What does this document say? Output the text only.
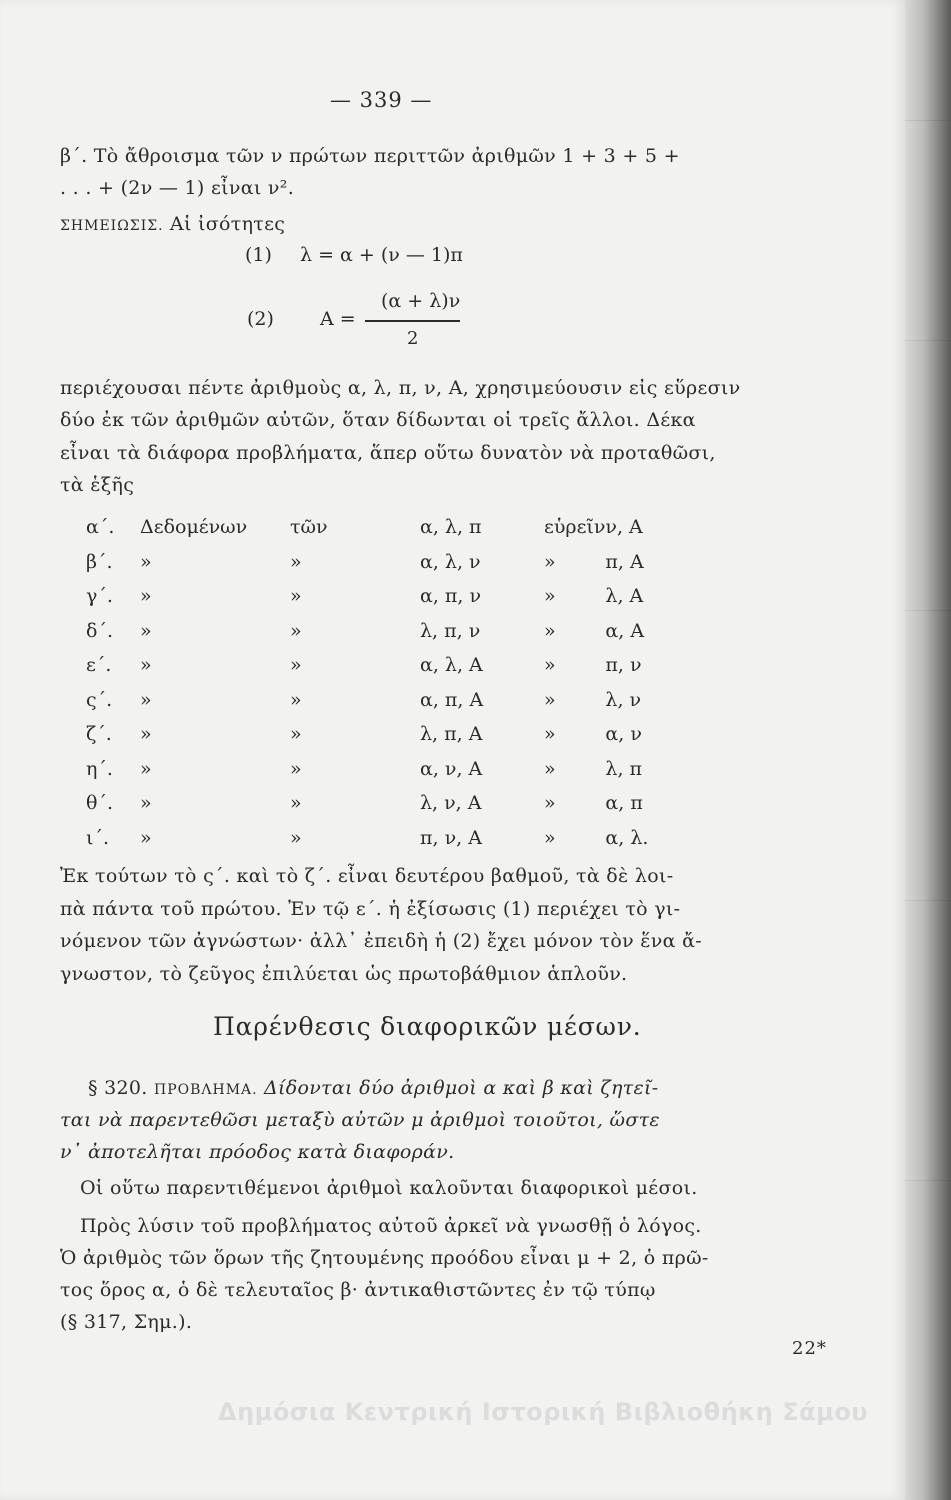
— 339 —
β΄. Τὸ ἄθροισμα τῶν ν πρώτων περιττῶν ἀριθμῶν 1 + 3 + 5 +
. . . + (2ν — 1) εἶναι ν².
ΣΗΜΕΙΩΣΙΣ. Αἱ ἰσότητες
(1) λ = α + (ν — 1)π
(2) Α =
(α + λ)ν
2
περιέχουσαι πέντε ἀριθμοὺς α, λ, π, ν, Α, χρησιμεύουσιν εἰς εὕρεσιν
δύο ἐκ τῶν ἀριθμῶν αὐτῶν, ὅταν δίδωνται οἱ τρεῖς ἄλλοι. Δέκα
εἶναι τὰ διάφορα προβλήματα, ἅπερ οὕτω δυνατὸν νὰ προταθῶσι,
τὰ ἑξῆς
α΄.	Δεδομένων	τῶν	α, λ, π	εὑρεῖν	ν, Α
β΄.	»	»	α, λ, ν	»	π, Α
γ΄.	»	»	α, π, ν	»	λ, Α
δ΄.	»	»	λ, π, ν	»	α, Α
ε΄.	»	»	α, λ, Α	»	π, ν
ς΄.	»	»	α, π, Α	»	λ, ν
ζ΄.	»	»	λ, π, Α	»	α, ν
η΄.	»	»	α, ν, Α	»	λ, π
θ΄.	»	»	λ, ν, Α	»	α, π
ι΄.	»	»	π, ν, Α	»	α, λ.
Ἐκ τούτων τὸ ς΄. καὶ τὸ ζ΄. εἶναι δευτέρου βαθμοῦ, τὰ δὲ λοι-
πὰ πάντα τοῦ πρώτου. Ἐν τῷ ε΄. ἡ ἐξίσωσις (1) περιέχει τὸ γι-
νόμενον τῶν ἀγνώστων· ἀλλ᾽ ἐπειδὴ ἡ (2) ἔχει μόνον τὸν ἕνα ἄ-
γνωστον, τὸ ζεῦγος ἐπιλύεται ὡς πρωτοβάθμιον ἁπλοῦν.
Παρένθεσις διαφορικῶν μέσων.
§ 320. ΠΡΟΒΛΗΜΑ. Δίδονται δύο ἀριθμοὶ α καὶ β καὶ ζητεῖ-
ται νὰ παρεντεθῶσι μεταξὺ αὐτῶν μ ἀριθμοὶ τοιοῦτοι, ὥστε
ν᾽ ἀποτελῆται πρόοδος κατὰ διαφοράν.
Οἱ οὕτω παρεντιθέμενοι ἀριθμοὶ καλοῦνται διαφορικοὶ μέσοι.
Πρὸς λύσιν τοῦ προβλήματος αὐτοῦ ἀρκεῖ νὰ γνωσθῇ ὁ λόγος.
Ὁ ἀριθμὸς τῶν ὅρων τῆς ζητουμένης προόδου εἶναι μ + 2, ὁ πρῶ-
τος ὅρος α, ὁ δὲ τελευταῖος β· ἀντικαθιστῶντες ἐν τῷ τύπῳ
(§ 317, Σημ.).
22*
Δημόσια Κεντρική Ιστορική Βιβλιοθήκη Σάμου
